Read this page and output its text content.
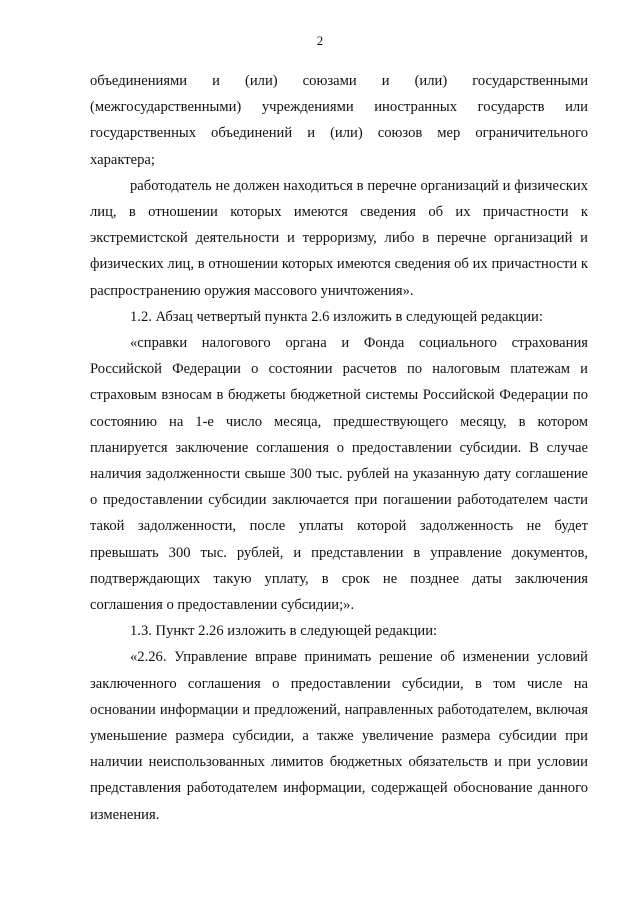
2

объединениями и (или) союзами и (или) государственными (межгосударственными) учреждениями иностранных государств или государственных объединений и (или) союзов мер ограничительного характера;

работодатель не должен находиться в перечне организаций и физических лиц, в отношении которых имеются сведения об их причастности к экстремистской деятельности и терроризму, либо в перечне организаций и физических лиц, в отношении которых имеются сведения об их причастности к распространению оружия массового уничтожения».

1.2. Абзац четвертый пункта 2.6 изложить в следующей редакции:

«справки налогового органа и Фонда социального страхования Российской Федерации о состоянии расчетов по налоговым платежам и страховым взносам в бюджеты бюджетной системы Российской Федерации по состоянию на 1-е число месяца, предшествующего месяцу, в котором планируется заключение соглашения о предоставлении субсидии. В случае наличия задолженности свыше 300 тыс. рублей на указанную дату соглашение о предоставлении субсидии заключается при погашении работодателем части такой задолженности, после уплаты которой задолженность не будет превышать 300 тыс. рублей, и представлении в управление документов, подтверждающих такую уплату, в срок не позднее даты заключения соглашения о предоставлении субсидии;».

1.3. Пункт 2.26 изложить в следующей редакции:

«2.26. Управление вправе принимать решение об изменении условий заключенного соглашения о предоставлении субсидии, в том числе на основании информации и предложений, направленных работодателем, включая уменьшение размера субсидии, а также увеличение размера субсидии при наличии неиспользованных лимитов бюджетных обязательств и при условии представления работодателем информации, содержащей обоснование данного изменения.
